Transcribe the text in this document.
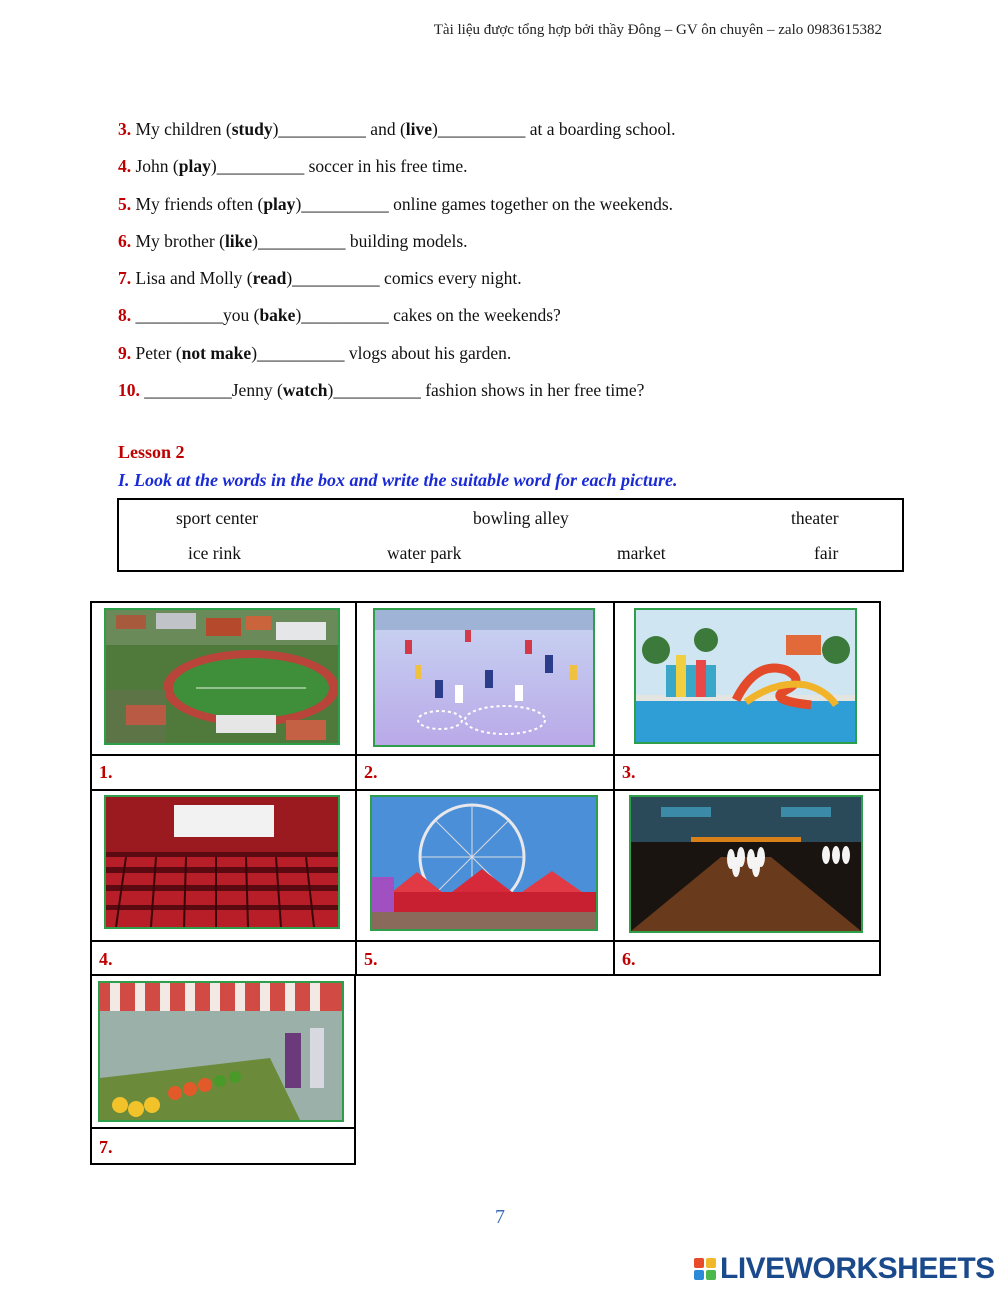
Tài liệu được tổng hợp bởi thầy Đông – GV ôn chuyên – zalo 0983615382
3. My children (study)__________ and (live)__________ at a boarding school.
4. John (play)__________ soccer in his free time.
5. My friends often (play)__________ online games together on the weekends.
6. My brother (like)__________ building models.
7. Lisa and Molly (read)__________ comics every night.
8. __________you (bake)__________ cakes on the weekends?
9. Peter (not make)__________ vlogs about his garden.
10. __________Jenny (watch)__________ fashion shows in her free time?
Lesson 2
I. Look at the words in the box and write the suitable word for each picture.
sport center	bowling alley	theater
ice rink	water park	market	fair
1.	2.	3.
4.	5.	6.
7.
7
LIVEWORKSHEETS
